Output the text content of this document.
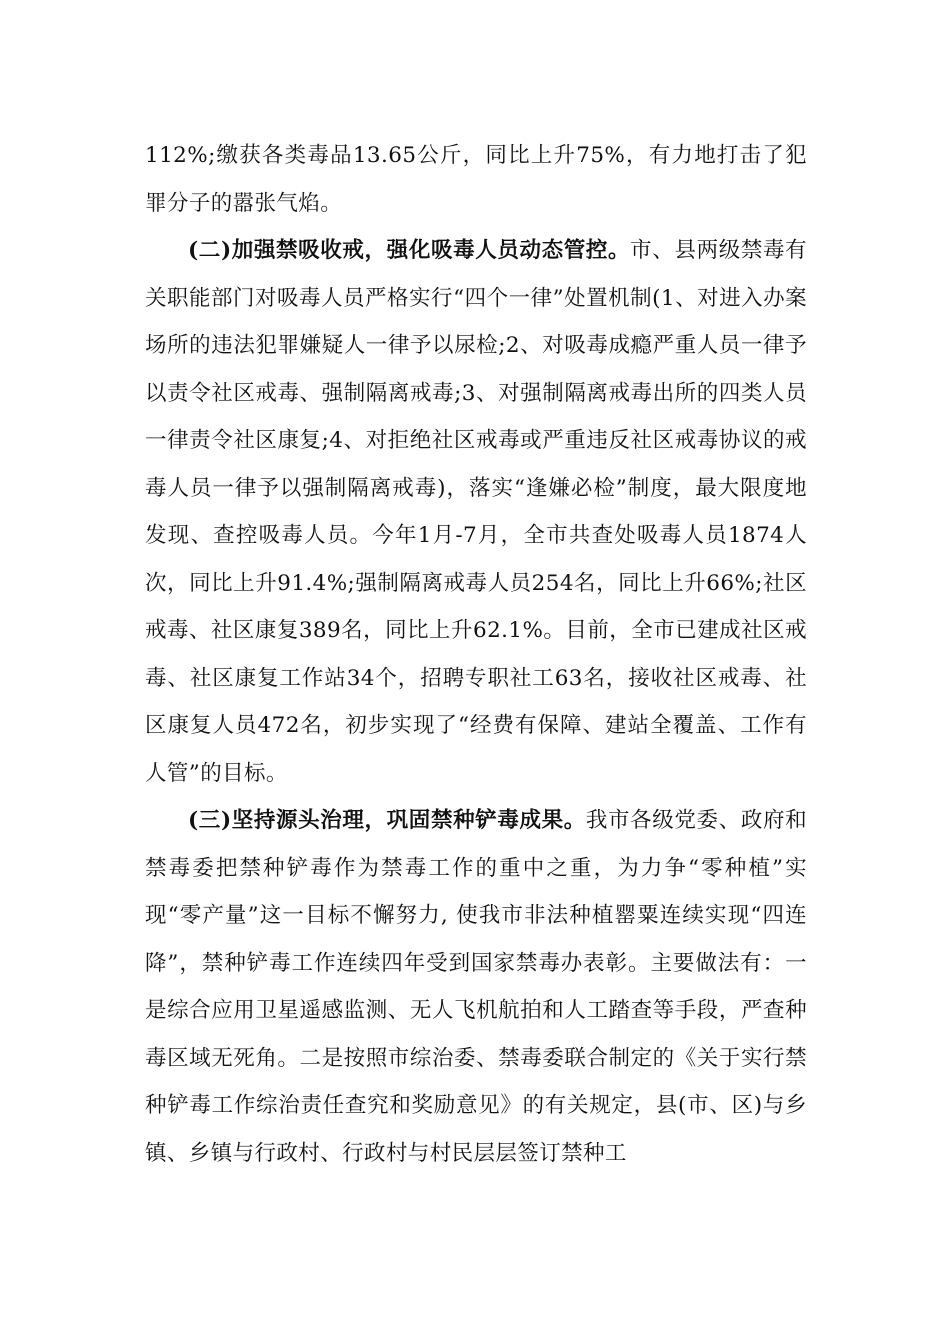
112%;缴获各类毒品13.65公斤，同比上升75%，有力地打击了犯罪分子的嚣张气焰。

(二)加强禁吸收戒，强化吸毒人员动态管控。市、县两级禁毒有关职能部门对吸毒人员严格实行“四个一律”处置机制(1、对进入办案场所的违法犯罪嫌疑人一律予以尿检;2、对吸毒成瘾严重人员一律予以责令社区戒毒、强制隔离戒毒;3、对强制隔离戒毒出所的四类人员一律责令社区康复;4、对拒绝社区戒毒或严重违反社区戒毒协议的戒毒人员一律予以强制隔离戒毒)，落实“逢嫌必检”制度，最大限度地发现、查控吸毒人员。今年1月-7月，全市共查处吸毒人员1874人次，同比上升91.4%;强制隔离戒毒人员254名，同比上升66%;社区戒毒、社区康复389名，同比上升62.1%。目前，全市已建成社区戒毒、社区康复工作站34个，招聘专职社工63名，接收社区戒毒、社区康复人员472名，初步实现了“经费有保障、建站全覆盖、工作有人管”的目标。

(三)坚持源头治理，巩固禁种铲毒成果。我市各级党委、政府和禁毒委把禁种铲毒作为禁毒工作的重中之重，为力争“零种植”实现“零产量”这一目标不懈努力, 使我市非法种植罂粟连续实现“四连降”，禁种铲毒工作连续四年受到国家禁毒办表彰。主要做法有：一是综合应用卫星遥感监测、无人飞机航拍和人工踏查等手段，严查种毒区域无死角。二是按照市综治委、禁毒委联合制定的《关于实行禁种铲毒工作综治责任查究和奖励意见》的有关规定，县(市、区)与乡镇、乡镇与行政村、行政村与村民层层签订禁种工
